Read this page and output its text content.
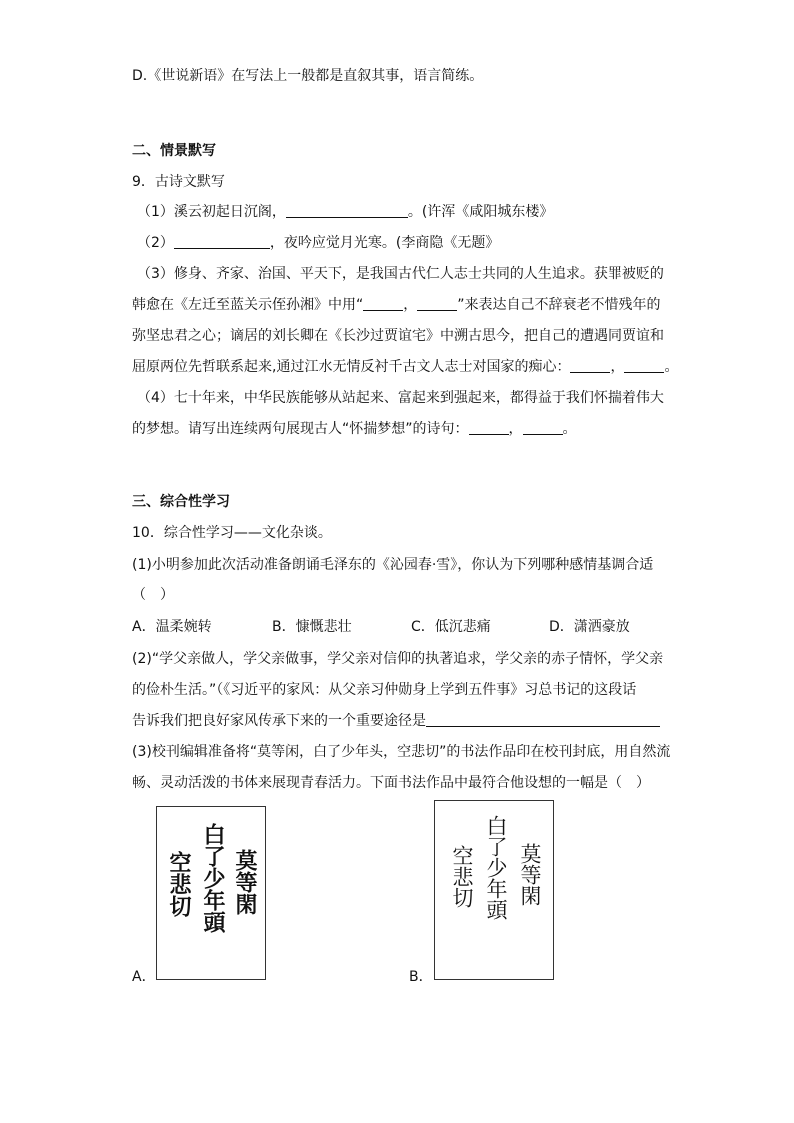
D.《世说新语》在写法上一般都是直叙其事，语言简练。
二、情景默写
9．古诗文默写
（1）溪云初起日沉阁，	。(许浑《咸阳城东楼》
（2）	，夜吟应觉月光寒。(李商隐《无题》
（3）修身、齐家、治国、平天下，是我国古代仁人志士共同的人生追求。获罪被贬的
韩愈在《左迁至蓝关示侄孙湘》中用“	，	”来表达自己不辞衰老不惜残年的
弥坚忠君之心；谪居的刘长卿在《长沙过贾谊宅》中溯古思今，把自己的遭遇同贾谊和
屈原两位先哲联系起来,通过江水无情反衬千古文人志士对国家的痴心：	，	。
（4）七十年来，中华民族能够从站起来、富起来到强起来，都得益于我们怀揣着伟大
的梦想。请写出连续两句展现古人“怀揣梦想”的诗句：	，	。
三、综合性学习
10．综合性学习——文化杂谈。
(1)小明参加此次活动准备朗诵毛泽东的《沁园春·雪》，你认为下列哪种感情基调合适
（　）
A．温柔婉转	B．慷慨悲壮	C．低沉悲痛	D．潇洒豪放
(2)“学父亲做人，学父亲做事，学父亲对信仰的执著追求，学父亲的赤子情怀，学父亲
的俭朴生活。”（《习近平的家风：从父亲习仲勋身上学到五件事》习总书记的这段话
告诉我们把良好家风传承下来的一个重要途径是
(3)校刊编辑准备将“莫等闲，白了少年头，空悲切”的书法作品印在校刊封底，用自然流
畅、灵动活泼的书体来展现青春活力。下面书法作品中最符合他设想的一幅是（　）
A．
莫等閑
白了少年頭
空悲切
B．
莫等閑
白了少年頭
空悲切
